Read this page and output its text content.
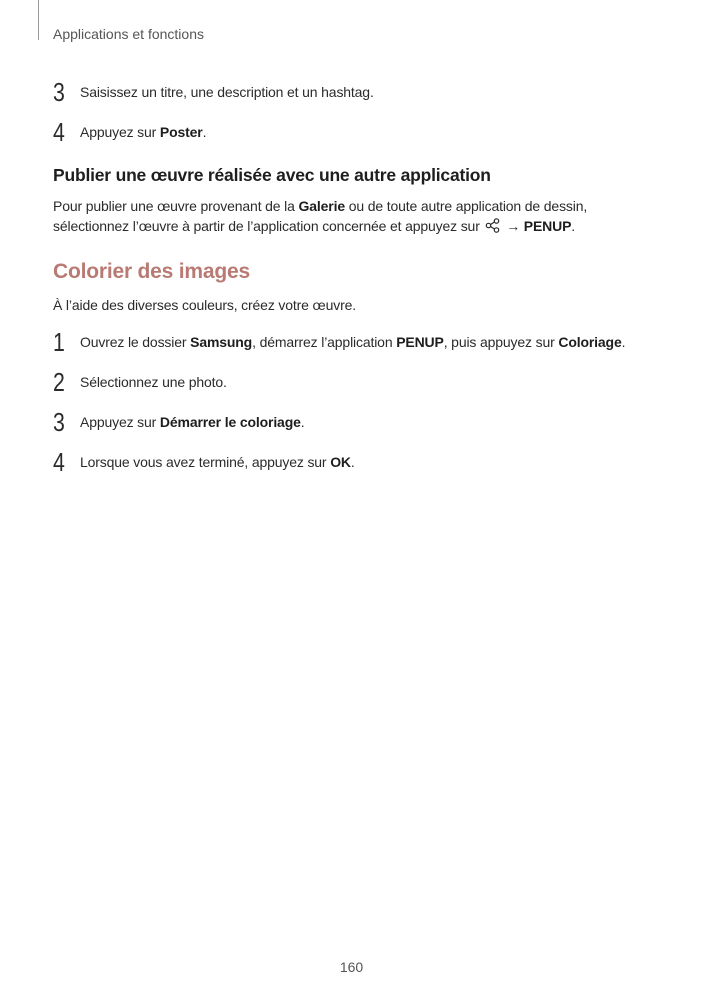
Applications et fonctions
3	Saisissez un titre, une description et un hashtag.
4	Appuyez sur Poster.
Publier une œuvre réalisée avec une autre application
Pour publier une œuvre provenant de la Galerie ou de toute autre application de dessin,
sélectionnez l’œuvre à partir de l’application concernée et appuyez sur  → PENUP.
Colorier des images
À l’aide des diverses couleurs, créez votre œuvre.
1	Ouvrez le dossier Samsung, démarrez l’application PENUP, puis appuyez sur Coloriage.
2	Sélectionnez une photo.
3	Appuyez sur Démarrer le coloriage.
4	Lorsque vous avez terminé, appuyez sur OK.
160
